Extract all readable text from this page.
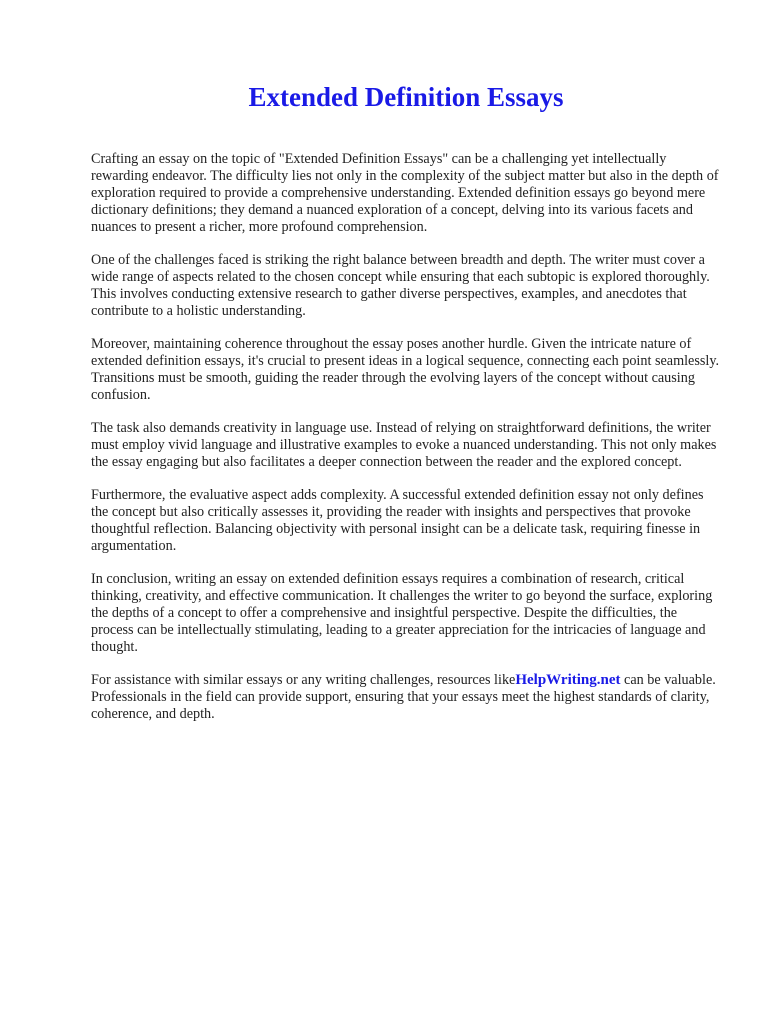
Extended Definition Essays

Crafting an essay on the topic of "Extended Definition Essays" can be a challenging yet intellectually rewarding endeavor. The difficulty lies not only in the complexity of the subject matter but also in the depth of exploration required to provide a comprehensive understanding. Extended definition essays go beyond mere dictionary definitions; they demand a nuanced exploration of a concept, delving into its various facets and nuances to present a richer, more profound comprehension.

One of the challenges faced is striking the right balance between breadth and depth. The writer must cover a wide range of aspects related to the chosen concept while ensuring that each subtopic is explored thoroughly. This involves conducting extensive research to gather diverse perspectives, examples, and anecdotes that contribute to a holistic understanding.

Moreover, maintaining coherence throughout the essay poses another hurdle. Given the intricate nature of extended definition essays, it's crucial to present ideas in a logical sequence, connecting each point seamlessly. Transitions must be smooth, guiding the reader through the evolving layers of the concept without causing confusion.

The task also demands creativity in language use. Instead of relying on straightforward definitions, the writer must employ vivid language and illustrative examples to evoke a nuanced understanding. This not only makes the essay engaging but also facilitates a deeper connection between the reader and the explored concept.

Furthermore, the evaluative aspect adds complexity. A successful extended definition essay not only defines the concept but also critically assesses it, providing the reader with insights and perspectives that provoke thoughtful reflection. Balancing objectivity with personal insight can be a delicate task, requiring finesse in argumentation.

In conclusion, writing an essay on extended definition essays requires a combination of research, critical thinking, creativity, and effective communication. It challenges the writer to go beyond the surface, exploring the depths of a concept to offer a comprehensive and insightful perspective. Despite the difficulties, the process can be intellectually stimulating, leading to a greater appreciation for the intricacies of language and thought.

For assistance with similar essays or any writing challenges, resources likeHelpWriting.net can be valuable. Professionals in the field can provide support, ensuring that your essays meet the highest standards of clarity, coherence, and depth.
